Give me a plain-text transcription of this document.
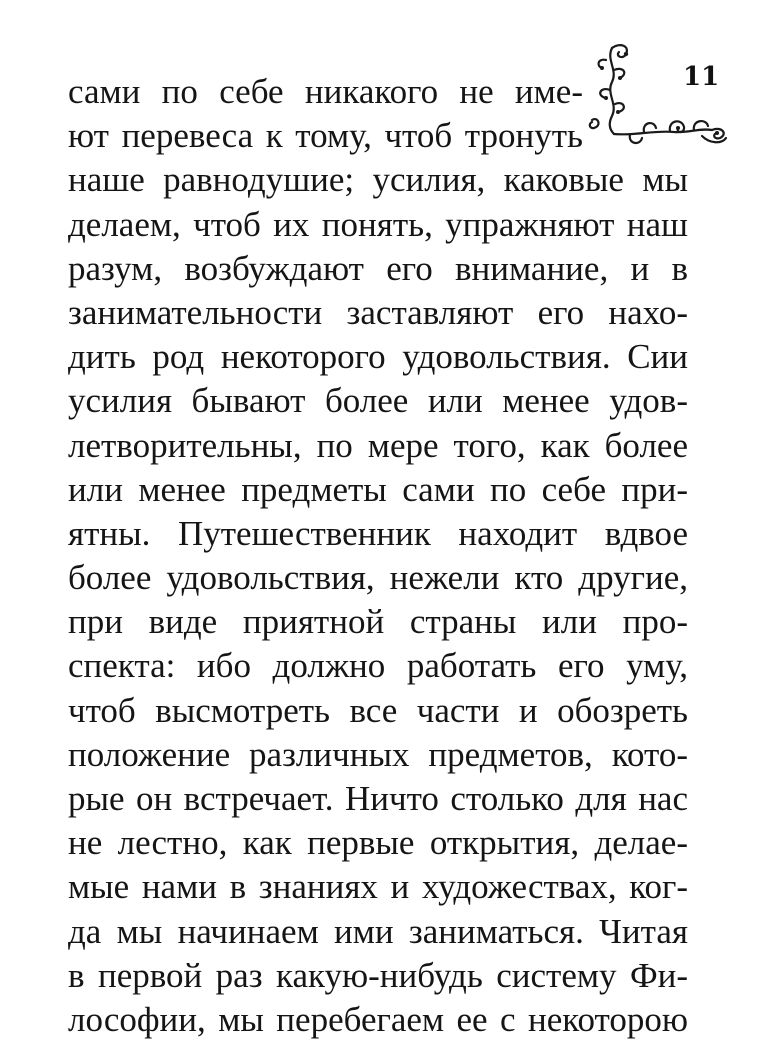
11
сами по себе никакого не име-
ют перевеса к тому, чтоб тронуть
наше равнодушие; усилия, каковые мы
делаем, чтоб их понять, упражняют наш
разум, возбуждают его внимание, и в
занимательности заставляют его нахо-
дить род некоторого удовольствия. Сии
усилия бывают более или менее удов-
летворительны, по мере того, как более
или менее предметы сами по себе при-
ятны. Путешественник находит вдвое
более удовольствия, нежели кто другие,
при виде приятной страны или про-
спекта: ибо должно работать его уму,
чтоб высмотреть все части и обозреть
положение различных предметов, кото-
рые он встречает. Ничто столько для нас
не лестно, как первые открытия, делае-
мые нами в знаниях и художествах, ког-
да мы начинаем ими заниматься. Читая
в первой раз какую-нибудь систему Фи-
лософии, мы перебегаем ее с некоторою
